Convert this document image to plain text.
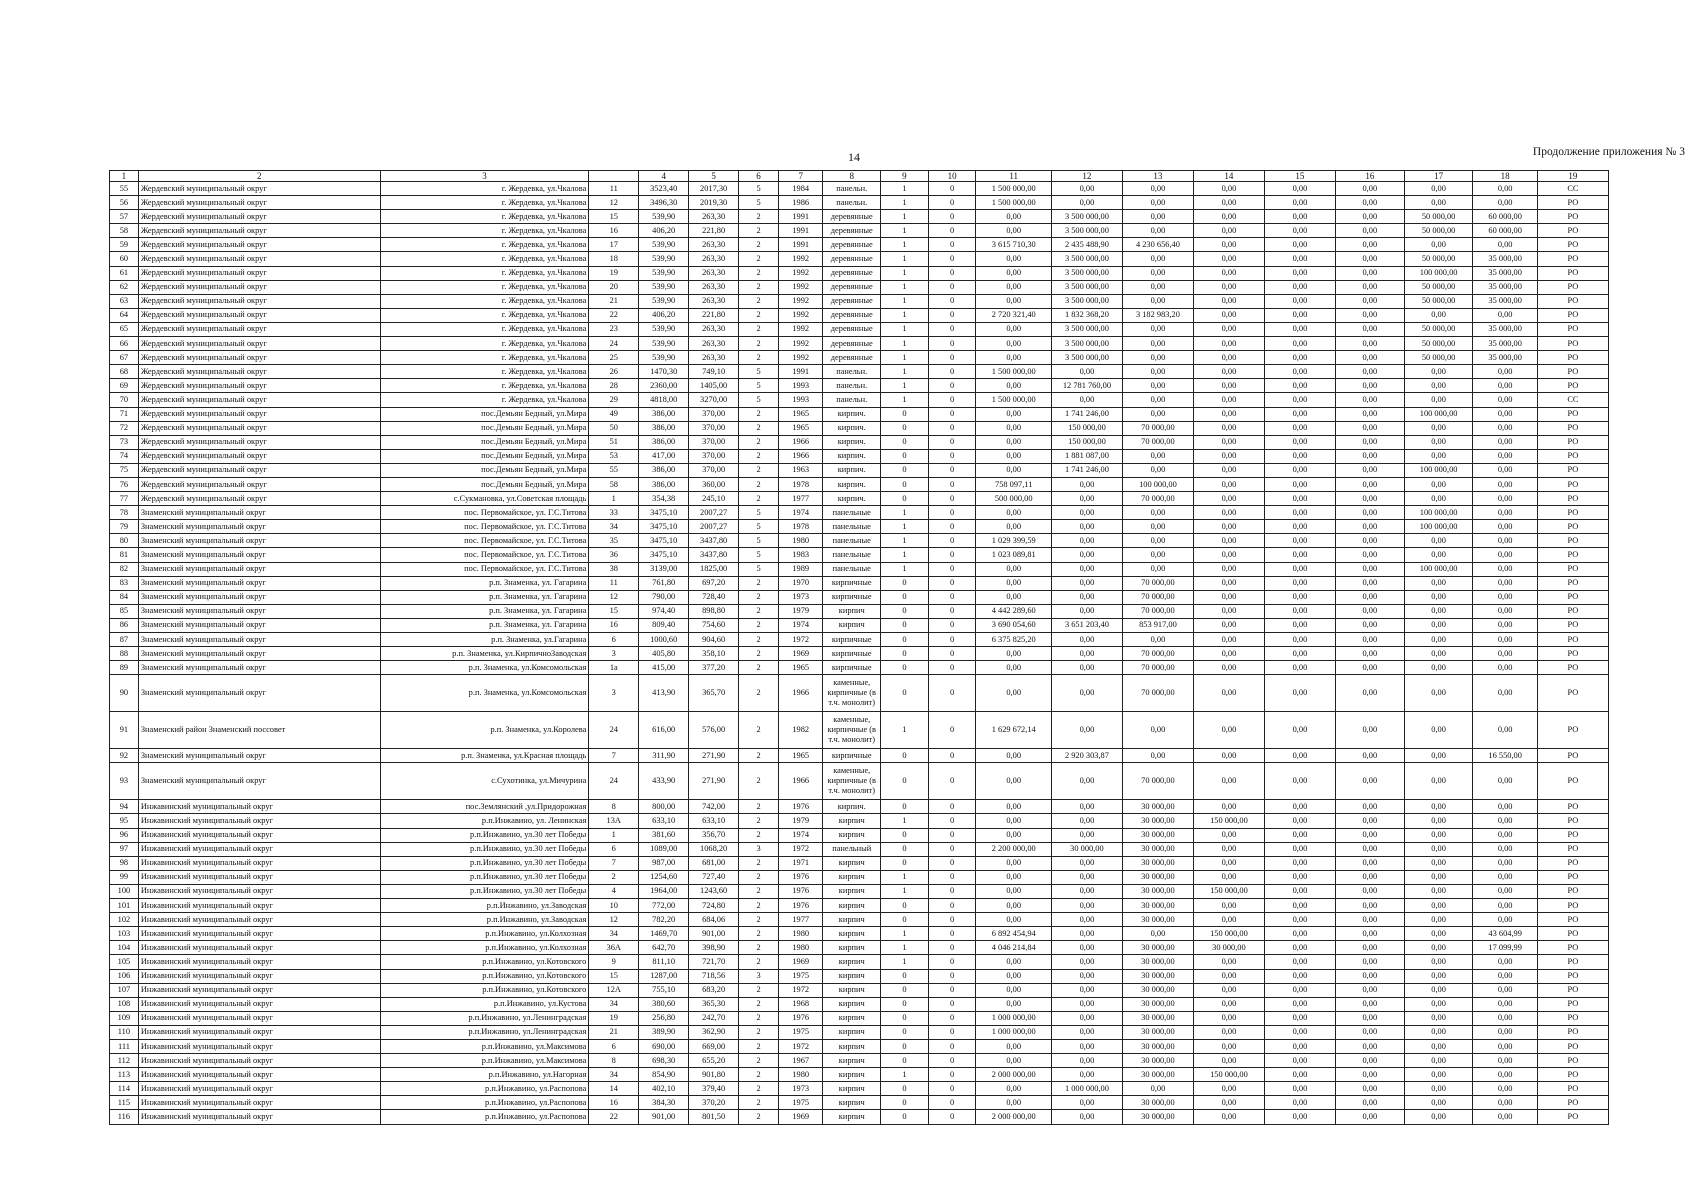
14	Продолжение приложения № 3
1	2	3		4	5	6	7	8	9	10	11	12	13	14	15	16	17	18	19
55	Жердевский муниципальный округ	г. Жердевка, ул.Чкалова	11	3523,40	2017,30	5	1984	панельн.	1	0	1 500 000,00	0,00	0,00	0,00	0,00	0,00	0,00	0,00	СС
56	Жердевский муниципальный округ	г. Жердевка, ул.Чкалова	12	3496,30	2019,30	5	1986	панельн.	1	0	1 500 000,00	0,00	0,00	0,00	0,00	0,00	0,00	0,00	РО
57	Жердевский муниципальный округ	г. Жердевка, ул.Чкалова	15	539,90	263,30	2	1991	деревянные	1	0	0,00	3 500 000,00	0,00	0,00	0,00	0,00	50 000,00	60 000,00	РО
58	Жердевский муниципальный округ	г. Жердевка, ул.Чкалова	16	406,20	221,80	2	1991	деревянные	1	0	0,00	3 500 000,00	0,00	0,00	0,00	0,00	50 000,00	60 000,00	РО
59	Жердевский муниципальный округ	г. Жердевка, ул.Чкалова	17	539,90	263,30	2	1991	деревянные	1	0	3 615 710,30	2 435 488,90	4 230 656,40	0,00	0,00	0,00	0,00	0,00	РО
60	Жердевский муниципальный округ	г. Жердевка, ул.Чкалова	18	539,90	263,30	2	1992	деревянные	1	0	0,00	3 500 000,00	0,00	0,00	0,00	0,00	50 000,00	35 000,00	РО
61	Жердевский муниципальный округ	г. Жердевка, ул.Чкалова	19	539,90	263,30	2	1992	деревянные	1	0	0,00	3 500 000,00	0,00	0,00	0,00	0,00	100 000,00	35 000,00	РО
62	Жердевский муниципальный округ	г. Жердевка, ул.Чкалова	20	539,90	263,30	2	1992	деревянные	1	0	0,00	3 500 000,00	0,00	0,00	0,00	0,00	50 000,00	35 000,00	РО
63	Жердевский муниципальный округ	г. Жердевка, ул.Чкалова	21	539,90	263,30	2	1992	деревянные	1	0	0,00	3 500 000,00	0,00	0,00	0,00	0,00	50 000,00	35 000,00	РО
64	Жердевский муниципальный округ	г. Жердевка, ул.Чкалова	22	406,20	221,80	2	1992	деревянные	1	0	2 720 321,40	1 832 368,20	3 182 983,20	0,00	0,00	0,00	0,00	0,00	РО
65	Жердевский муниципальный округ	г. Жердевка, ул.Чкалова	23	539,90	263,30	2	1992	деревянные	1	0	0,00	3 500 000,00	0,00	0,00	0,00	0,00	50 000,00	35 000,00	РО
66	Жердевский муниципальный округ	г. Жердевка, ул.Чкалова	24	539,90	263,30	2	1992	деревянные	1	0	0,00	3 500 000,00	0,00	0,00	0,00	0,00	50 000,00	35 000,00	РО
67	Жердевский муниципальный округ	г. Жердевка, ул.Чкалова	25	539,90	263,30	2	1992	деревянные	1	0	0,00	3 500 000,00	0,00	0,00	0,00	0,00	50 000,00	35 000,00	РО
68	Жердевский муниципальный округ	г. Жердевка, ул.Чкалова	26	1470,30	749,10	5	1991	панельн.	1	0	1 500 000,00	0,00	0,00	0,00	0,00	0,00	0,00	0,00	РО
69	Жердевский муниципальный округ	г. Жердевка, ул.Чкалова	28	2360,00	1405,00	5	1993	панельн.	1	0	0,00	12 781 760,00	0,00	0,00	0,00	0,00	0,00	0,00	РО
70	Жердевский муниципальный округ	г. Жердевка, ул.Чкалова	29	4818,00	3270,00	5	1993	панельн.	1	0	1 500 000,00	0,00	0,00	0,00	0,00	0,00	0,00	0,00	СС
71	Жердевский муниципальный округ	пос.Демьян Бедный, ул.Мира	49	386,00	370,00	2	1965	кирпич.	0	0	0,00	1 741 246,00	0,00	0,00	0,00	0,00	100 000,00	0,00	РО
72	Жердевский муниципальный округ	пос.Демьян Бедный, ул.Мира	50	386,00	370,00	2	1965	кирпич.	0	0	0,00	150 000,00	70 000,00	0,00	0,00	0,00	0,00	0,00	РО
73	Жердевский муниципальный округ	пос.Демьян Бедный, ул.Мира	51	386,00	370,00	2	1966	кирпич.	0	0	0,00	150 000,00	70 000,00	0,00	0,00	0,00	0,00	0,00	РО
74	Жердевский муниципальный округ	пос.Демьян Бедный, ул.Мира	53	417,00	370,00	2	1966	кирпич.	0	0	0,00	1 881 087,00	0,00	0,00	0,00	0,00	0,00	0,00	РО
75	Жердевский муниципальный округ	пос.Демьян Бедный, ул.Мира	55	386,00	370,00	2	1963	кирпич.	0	0	0,00	1 741 246,00	0,00	0,00	0,00	0,00	100 000,00	0,00	РО
76	Жердевский муниципальный округ	пос.Демьян Бедный, ул.Мира	58	386,00	360,00	2	1978	кирпич.	0	0	758 097,11	0,00	100 000,00	0,00	0,00	0,00	0,00	0,00	РО
77	Жердевский муниципальный округ	с.Сукмановка, ул.Советская площадь	1	354,38	245,10	2	1977	кирпич.	0	0	500 000,00	0,00	70 000,00	0,00	0,00	0,00	0,00	0,00	РО
78	Знаменский муниципальный округ	пос. Первомайское, ул. Г.С.Титова	33	3475,10	2007,27	5	1974	панельные	1	0	0,00	0,00	0,00	0,00	0,00	0,00	100 000,00	0,00	РО
79	Знаменский муниципальный округ	пос. Первомайское, ул. Г.С.Титова	34	3475,10	2007,27	5	1978	панельные	1	0	0,00	0,00	0,00	0,00	0,00	0,00	100 000,00	0,00	РО
80	Знаменский муниципальный округ	пос. Первомайское, ул. Г.С.Титова	35	3475,10	3437,80	5	1980	панельные	1	0	1 029 399,59	0,00	0,00	0,00	0,00	0,00	0,00	0,00	РО
81	Знаменский муниципальный округ	пос. Первомайское, ул. Г.С.Титова	36	3475,10	3437,80	5	1983	панельные	1	0	1 023 089,81	0,00	0,00	0,00	0,00	0,00	0,00	0,00	РО
82	Знаменский муниципальный округ	пос. Первомайское, ул. Г.С.Титова	38	3139,00	1825,00	5	1989	панельные	1	0	0,00	0,00	0,00	0,00	0,00	0,00	100 000,00	0,00	РО
83	Знаменский муниципальный округ	р.п. Знаменка, ул. Гагарина	11	761,80	697,20	2	1970	кирпичные	0	0	0,00	0,00	70 000,00	0,00	0,00	0,00	0,00	0,00	РО
84	Знаменский муниципальный округ	р.п. Знаменка, ул. Гагарина	12	790,00	728,40	2	1973	кирпичные	0	0	0,00	0,00	70 000,00	0,00	0,00	0,00	0,00	0,00	РО
85	Знаменский муниципальный округ	р.п. Знаменка, ул. Гагарина	15	974,40	898,80	2	1979	кирпич	0	0	4 442 289,60	0,00	70 000,00	0,00	0,00	0,00	0,00	0,00	РО
86	Знаменский муниципальный округ	р.п. Знаменка, ул. Гагарина	16	809,40	754,60	2	1974	кирпич	0	0	3 690 054,60	3 651 203,40	853 917,00	0,00	0,00	0,00	0,00	0,00	РО
87	Знаменский муниципальный округ	р.п. Знаменка, ул.Гагарина	6	1000,60	904,60	2	1972	кирпичные	0	0	6 375 825,20	0,00	0,00	0,00	0,00	0,00	0,00	0,00	РО
88	Знаменский муниципальный округ	р.п. Знаменка, ул.КирпичноЗаводская	3	405,80	358,10	2	1969	кирпичные	0	0	0,00	0,00	70 000,00	0,00	0,00	0,00	0,00	0,00	РО
89	Знаменский муниципальный округ	р.п. Знаменка, ул.Комсомольская	1а	415,00	377,20	2	1965	кирпичные	0	0	0,00	0,00	70 000,00	0,00	0,00	0,00	0,00	0,00	РО
90	Знаменский муниципальный округ	р.п. Знаменка, ул.Комсомольская	3	413,90	365,70	2	1966	каменные, кирпичные (в т.ч. монолит)	0	0	0,00	0,00	70 000,00	0,00	0,00	0,00	0,00	0,00	РО
91	Знаменский район Знаменский поссовет	р.п. Знаменка, ул.Королева	24	616,00	576,00	2	1982	каменные, кирпичные (в т.ч. монолит)	1	0	1 629 672,14	0,00	0,00	0,00	0,00	0,00	0,00	0,00	РО
92	Знаменский муниципальный округ	р.п. Знаменка, ул.Красная площадь	7	311,90	271,90	2	1965	кирпичные	0	0	0,00	2 920 303,87	0,00	0,00	0,00	0,00	0,00	16 550,00	РО
93	Знаменский муниципальный округ	с.Сухотинка, ул.Мичурина	24	433,90	271,90	2	1966	каменные, кирпичные (в т.ч. монолит)	0	0	0,00	0,00	70 000,00	0,00	0,00	0,00	0,00	0,00	РО
94	Инжавинский муниципальный округ	пос.Землянский ,ул.Придорожная	8	800,00	742,00	2	1976	кирпич.	0	0	0,00	0,00	30 000,00	0,00	0,00	0,00	0,00	0,00	РО
95	Инжавинский муниципальный округ	р.п.Инжавино, ул. Ленинская	13А	633,10	633,10	2	1979	кирпич	1	0	0,00	0,00	30 000,00	150 000,00	0,00	0,00	0,00	0,00	РО
96	Инжавинский муниципальный округ	р.п.Инжавино, ул.30 лет Победы	1	381,60	356,70	2	1974	кирпич	0	0	0,00	0,00	30 000,00	0,00	0,00	0,00	0,00	0,00	РО
97	Инжавинский муниципальный округ	р.п.Инжавино, ул.30 лет Победы	6	1089,00	1068,20	3	1972	панельный	0	0	2 200 000,00	30 000,00	30 000,00	0,00	0,00	0,00	0,00	0,00	РО
98	Инжавинский муниципальный округ	р.п.Инжавино, ул.30 лет Победы	7	987,00	681,00	2	1971	кирпич	0	0	0,00	0,00	30 000,00	0,00	0,00	0,00	0,00	0,00	РО
99	Инжавинский муниципальный округ	р.п.Инжавино, ул.30 лет Победы	2	1254,60	727,40	2	1976	кирпич	1	0	0,00	0,00	30 000,00	0,00	0,00	0,00	0,00	0,00	РО
100	Инжавинский муниципальный округ	р.п.Инжавино, ул.30 лет Победы	4	1964,00	1243,60	2	1976	кирпич	1	0	0,00	0,00	30 000,00	150 000,00	0,00	0,00	0,00	0,00	РО
101	Инжавинский муниципальный округ	р.п.Инжавино, ул.Заводская	10	772,00	724,80	2	1976	кирпич	0	0	0,00	0,00	30 000,00	0,00	0,00	0,00	0,00	0,00	РО
102	Инжавинский муниципальный округ	р.п.Инжавино, ул.Заводская	12	782,20	684,06	2	1977	кирпич	0	0	0,00	0,00	30 000,00	0,00	0,00	0,00	0,00	0,00	РО
103	Инжавинский муниципальный округ	р.п.Инжавино, ул.Колхозная	34	1469,70	901,00	2	1980	кирпич	1	0	6 892 454,94	0,00	0,00	150 000,00	0,00	0,00	0,00	43 604,99	РО
104	Инжавинский муниципальный округ	р.п.Инжавино, ул.Колхозная	36А	642,70	398,90	2	1980	кирпич	1	0	4 046 214,84	0,00	30 000,00	30 000,00	0,00	0,00	0,00	17 099,99	РО
105	Инжавинский муниципальный округ	р.п.Инжавино, ул.Котовского	9	811,10	721,70	2	1969	кирпич	1	0	0,00	0,00	30 000,00	0,00	0,00	0,00	0,00	0,00	РО
106	Инжавинский муниципальный округ	р.п.Инжавино, ул.Котовского	15	1287,00	718,56	3	1975	кирпич	0	0	0,00	0,00	30 000,00	0,00	0,00	0,00	0,00	0,00	РО
107	Инжавинский муниципальный округ	р.п.Инжавино, ул.Котовского	12А	755,10	683,20	2	1972	кирпич	0	0	0,00	0,00	30 000,00	0,00	0,00	0,00	0,00	0,00	РО
108	Инжавинский муниципальный округ	р.п.Инжавино, ул.Кустова	34	380,60	365,30	2	1968	кирпич	0	0	0,00	0,00	30 000,00	0,00	0,00	0,00	0,00	0,00	РО
109	Инжавинский муниципальный округ	р.п.Инжавино, ул.Ленинградская	19	256,80	242,70	2	1976	кирпич	0	0	1 000 000,00	0,00	30 000,00	0,00	0,00	0,00	0,00	0,00	РО
110	Инжавинский муниципальный округ	р.п.Инжавино, ул.Ленинградская	21	389,90	362,90	2	1975	кирпич	0	0	1 000 000,00	0,00	30 000,00	0,00	0,00	0,00	0,00	0,00	РО
111	Инжавинский муниципальный округ	р.п.Инжавино, ул.Максимова	6	690,00	669,00	2	1972	кирпич	0	0	0,00	0,00	30 000,00	0,00	0,00	0,00	0,00	0,00	РО
112	Инжавинский муниципальный округ	р.п.Инжавино, ул.Максимова	8	698,30	655,20	2	1967	кирпич	0	0	0,00	0,00	30 000,00	0,00	0,00	0,00	0,00	0,00	РО
113	Инжавинский муниципальный округ	р.п.Инжавино, ул.Нагорная	34	854,90	901,80	2	1980	кирпич	1	0	2 000 000,00	0,00	30 000,00	150 000,00	0,00	0,00	0,00	0,00	РО
114	Инжавинский муниципальный округ	р.п.Инжавино, ул.Распопова	14	402,10	379,40	2	1973	кирпич	0	0	0,00	1 000 000,00	0,00	0,00	0,00	0,00	0,00	0,00	РО
115	Инжавинский муниципальный округ	р.п.Инжавино, ул.Распопова	16	384,30	370,20	2	1975	кирпич	0	0	0,00	0,00	30 000,00	0,00	0,00	0,00	0,00	0,00	РО
116	Инжавинский муниципальный округ	р.п.Инжавино, ул.Распопова	22	901,00	801,50	2	1969	кирпич	0	0	2 000 000,00	0,00	30 000,00	0,00	0,00	0,00	0,00	0,00	РО
